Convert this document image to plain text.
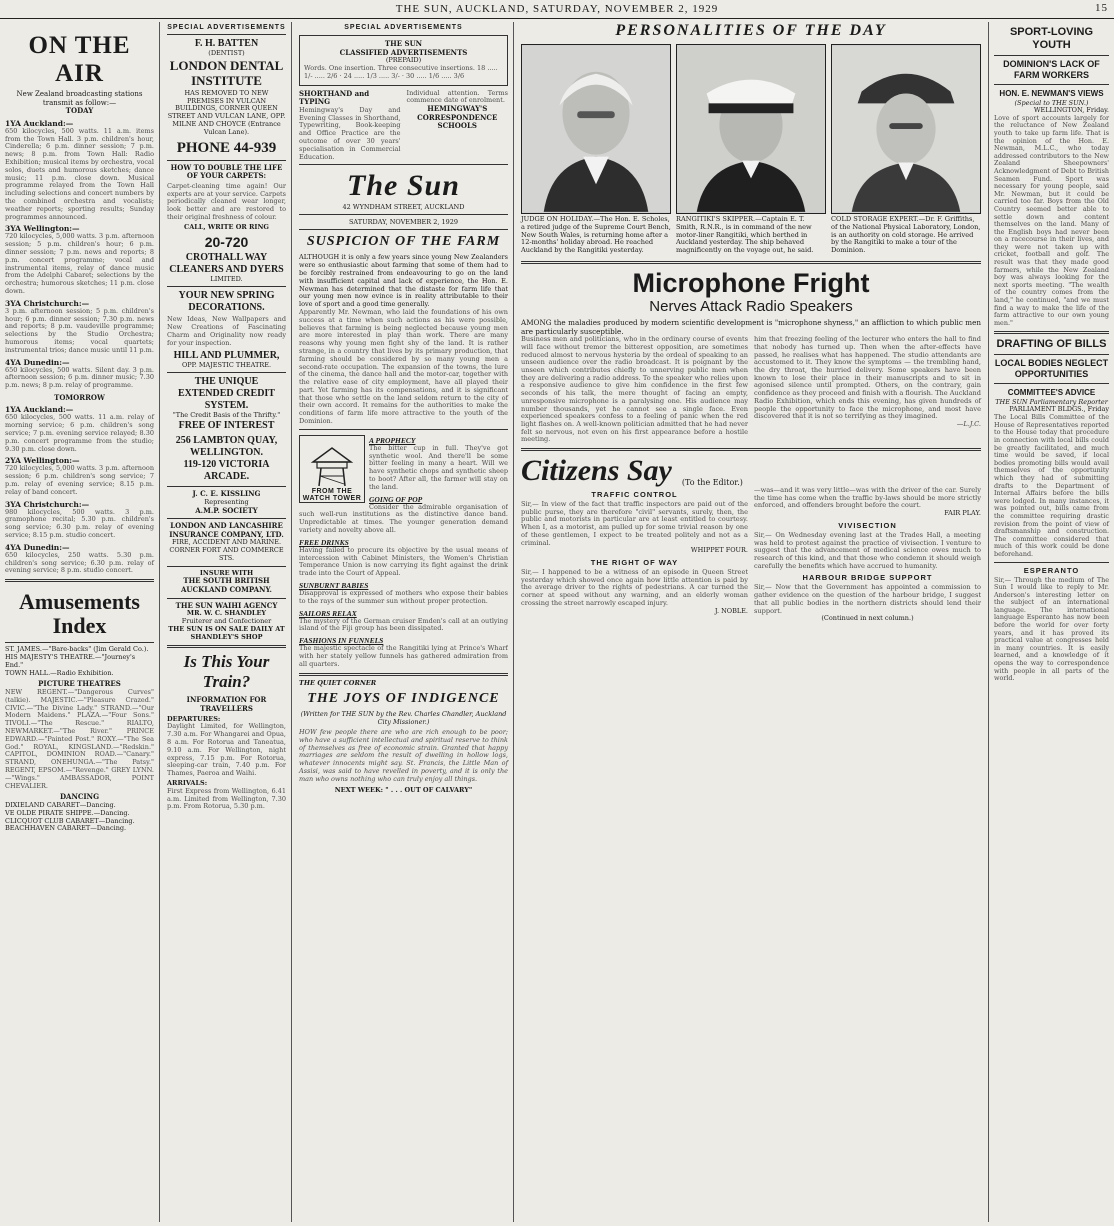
THE SUN, AUCKLAND, SATURDAY, NOVEMBER 2, 1929	15
ON THE AIR
New Zealand broadcasting stations transmit as follow:—
TODAY
1YA Auckland:—
650 kilocycles, 500 watts. 11 a.m. items from the Town Hall. 3 p.m. children's hour, Cinderella; 6 p.m. dinner session; 7 p.m. news; 8 p.m. from Town Hall: Radio Exhibition; musical items by orchestra, vocal solos, duets and humorous sketches; dance music; 11 p.m. close down. Musical programme relayed from the Town Hall including selections and concert numbers by the combined orchestra and vocalists; weather reports; sporting results; Sunday programmes announced.
3YA Wellington:—
720 kilocycles, 5,000 watts. 3 p.m. afternoon session; 5 p.m. children's hour; 6 p.m. dinner session; 7 p.m. news and reports; 8 p.m. concert programme; vocal and instrumental items, relay of dance music from the Adelphi Cabaret; selections by the orchestra; humorous sketches; 11 p.m. close down.
3YA Christchurch:—
3 p.m. afternoon session; 5 p.m. children's hour; 6 p.m. dinner session; 7.30 p.m. news and reports; 8 p.m. vaudeville programme; selections by the Studio Orchestra; humorous items; vocal quartets; instrumental trios; dance music until 11 p.m.
4YA Dunedin:—
650 kilocycles, 500 watts. Silent day. 3 p.m. afternoon session; 6 p.m. dinner music; 7.30 p.m. news; 8 p.m. relay of programme.
TOMORROW
1YA Auckland:—
650 kilocycles, 500 watts. 11 a.m. relay of morning service; 6 p.m. children's song service; 7 p.m. evening service relayed; 8.30 p.m. concert programme from the studio; 9.30 p.m. close down.
2YA Wellington:—
720 kilocycles, 5,000 watts. 3 p.m. afternoon session; 6 p.m. children's song service; 7 p.m. relay of evening service; 8.15 p.m. relay of band concert.
3YA Christchurch:—
980 kilocycles, 500 watts. 3 p.m. gramophone recital; 5.30 p.m. children's song service; 6.30 p.m. relay of evening service; 8.15 p.m. studio concert.
4YA Dunedin:—
650 kilocycles, 250 watts. 5.30 p.m. children's song service; 6.30 p.m. relay of evening service; 8 p.m. studio concert.
Amusements Index
ST. JAMES.—"Bare-backs" (Jim Gerald Co.).
HIS MAJESTY'S THEATRE.—"Journey's End."
TOWN HALL.—Radio Exhibition.
PICTURE THEATRES
NEW REGENT.—"Dangerous Curves" (talkie). MAJESTIC.—"Pleasure Crazed." CIVIC.—"The Divine Lady." STRAND.—"Our Modern Maidens." PLAZA.—"Four Sons." TIVOLI.—"The Rescue." RIALTO, NEWMARKET.—"The River." PRINCE EDWARD.—"Painted Post." ROXY.—"The Sea God." ROYAL, KINGSLAND.—"Redskin." CAPITOL, DOMINION ROAD.—"Canary." STRAND, ONEHUNGA.—"The Patsy." REGENT, EPSOM.—"Revenge." GREY LYNN.—"Wings." AMBASSADOR, POINT CHEVALIER.
DANCING
DIXIELAND CABARET—Dancing.
VE OLDE PIRATE SHIPPE.—Dancing.
CLICQUOT CLUB CABARET—Dancing.
BEACHHAVEN CABARET—Dancing.
SPECIAL ADVERTISEMENTS
F. H. BATTEN
(DENTIST)
LONDON DENTAL INSTITUTE
HAS REMOVED TO NEW PREMISES IN VULCAN BUILDINGS, CORNER QUEEN STREET AND VULCAN LANE, OPP. MILNE AND CHOYCE (Entrance Vulcan Lane).
PHONE 44-939
HOW TO DOUBLE THE LIFE OF YOUR CARPETS:
Carpet-cleaning time again! Our experts are at your service. Carpets periodically cleaned wear longer, look better and are restored to their original freshness of colour.
CALL, WRITE OR RING
20-720
CROTHALL WAY CLEANERS AND DYERS
LIMITED.
YOUR NEW SPRING DECORATIONS.
New Ideas, New Wallpapers and New Creations of Fascinating Charm and Originality now ready for your inspection.
HILL AND PLUMMER,
OPP. MAJESTIC THEATRE.
THE UNIQUE EXTENDED CREDIT SYSTEM.
"The Credit Basis of the Thrifty."
FREE OF INTEREST
256 LAMBTON QUAY, WELLINGTON.
119-120 VICTORIA ARCADE.
J. C. E. KISSLING
Representing
A.M.P. SOCIETY
LONDON AND LANCASHIRE INSURANCE COMPANY, LTD.
FIRE, ACCIDENT AND MARINE.
CORNER FORT AND COMMERCE STS.
INSURE WITH
THE SOUTH BRITISH
AUCKLAND COMPANY.
THE SUN WAIHI AGENCY
MR. W. C. SHANDLEY
Fruiterer and Confectioner
THE SUN IS ON SALE DAILY AT SHANDLEY'S SHOP
Is This Your Train?
INFORMATION FOR TRAVELLERS
DEPARTURES:
Daylight Limited, for Wellington, 7.30 a.m. For Whangarei and Opua, 8 a.m. For Rotorua and Taneatua, 9.10 a.m. For Wellington, night express, 7.15 p.m. For Rotorua, sleeping-car train, 7.40 p.m. For Thames, Paeroa and Waihi.
ARRIVALS:
First Express from Wellington, 6.41 a.m. Limited from Wellington, 7.30 p.m. From Rotorua, 5.30 p.m.
SPECIAL ADVERTISEMENTS
THE SUN
CLASSIFIED ADVERTISEMENTS
(PREPAID)
Words. One insertion. Three consecutive insertions. 18 ..... 1/- ..... 2/6 · 24 ..... 1/3 ..... 3/- · 30 ..... 1/6 ..... 3/6
SHORTHAND and TYPING
Hemingway's Day and Evening Classes in Shorthand, Typewriting, Book-keeping and Office Practice are the outcome of over 30 years' specialisation in Commercial Education.
Individual attention. Terms commence date of enrolment.
HEMINGWAY'S CORRESPONDENCE SCHOOLS
The Sun
42 WYNDHAM STREET, AUCKLAND
SATURDAY, NOVEMBER 2, 1929
SUSPICION OF THE FARM
ALTHOUGH it is only a few years since young New Zealanders were so enthusiastic about farming that some of them had to be forcibly restrained from endeavouring to go on the land with insufficient capital and lack of experience, the Hon. E. Newman has determined that the distaste for farm life that our young men now evince is in reality attributable to their love of sport and a good time generally.
Apparently Mr. Newman, who laid the foundations of his own success at a time when such actions as his were possible, believes that farming is being neglected because young men are more interested in play than work. There are many reasons why young men fight shy of the land. It is rather strange, in a country that lives by its primary production, that farming should be considered by so many young men a second-rate occupation. The expansion of the towns, the lure of the cinema, the dance hall and the motor-car, together with the relative ease of city employment, have all played their part. Yet farming has its compensations, and it is significant that those who settle on the land seldom return to the city of their own accord. It remains for the authorities to make the conditions of farm life more attractive to the youth of the Dominion.
FROM THE WATCH TOWER
A PROPHECY
The bitter cup in full. They've got synthetic wool. And there'll be some bitter feeling in many a heart. Will we have synthetic chops and synthetic sheep to boot? After all, the farmer will stay on the land.
GOING OF POP
Consider the admirable organisation of such well-run institutions as the distinctive dance band. Unpredictable at times. The younger generation demand variety and novelty above all.
FREE DRINKS
Having failed to procure its objective by the usual means of intercession with Cabinet Ministers, the Women's Christian Temperance Union is now carrying its fight against the drink trade into the Court of Appeal.
SUNBURNT BABIES
Disapproval is expressed of mothers who expose their babies to the rays of the summer sun without proper protection.
SAILORS RELAX
The mystery of the German cruiser Emden's call at an outlying island of the Fiji group has been dissipated.
FASHIONS IN FUNNELS
The majestic spectacle of the Rangitiki lying at Prince's Wharf with her stately yellow funnels has gathered admiration from all quarters.
THE QUIET CORNER
THE JOYS OF INDIGENCE
(Written for THE SUN by the Rev. Charles Chandler, Auckland City Missioner.)
HOW few people there are who are rich enough to be poor; who have a sufficient intellectual and spiritual reserve to think of themselves as free of economic strain. Granted that happy marriages are seldom the result of dwelling in hollow logs, whatever innocents might say. St. Francis, the Little Man of Assisi, was said to have revelled in poverty, and it is only the man who owns nothing who can truly enjoy all things.
NEXT WEEK: " . . . OUT OF CALVARY"
PERSONALITIES OF THE DAY
JUDGE ON HOLIDAY.—The Hon. E. Scholes, a retired judge of the Supreme Court Bench, New South Wales, is returning home after a 12-months' holiday abroad. He reached Auckland by the Rangitiki yesterday.
RANGITIKI'S SKIPPER.—Captain E. T. Smith, R.N.R., is in command of the new motor-liner Rangitiki, which berthed in Auckland yesterday. The ship behaved magnificently on the voyage out, he said.
COLD STORAGE EXPERT.—Dr. F. Griffiths, of the National Physical Laboratory, London, is an authority on cold storage. He arrived by the Rangitiki to make a tour of the Dominion.
Microphone Fright
Nerves Attack Radio Speakers
AMONG the maladies produced by modern scientific development is "microphone shyness," an affliction to which public men are particularly susceptible.
Business men and politicians, who in the ordinary course of events will face without tremor the bitterest opposition, are sometimes reduced almost to nervous hysteria by the ordeal of speaking to an unseen audience over the radio broadcast. It is poignant by the unseen which contributes chiefly to unnerving public men when they are delivering a radio address. To the speaker who relies upon a responsive audience to give him confidence in the first few seconds of his talk, the mere thought of facing an empty, unresponsive microphone is a paralysing one. His audience may number thousands, yet he cannot see a single face. Even experienced speakers confess to a feeling of panic when the red light flashes on. A well-known politician admitted that he had never felt so nervous, not even on his first appearance before a hostile meeting.
him that freezing feeling of the lecturer who enters the hall to find that nobody has turned up. Then when the after-effects have passed, he realises what has happened. The studio attendants are accustomed to it. They know the symptoms — the trembling hand, the dry throat, the hurried delivery. Some speakers have been known to lose their place in their manuscripts and to sit in agonised silence until prompted. Others, on the contrary, gain confidence as they proceed and finish with a flourish. The Auckland Radio Exhibition, which ends this evening, has given hundreds of people the opportunity to face the microphone, and most have discovered that it is not so terrifying as they imagined.
—L.J.C.
Citizens Say (To the Editor.)
TRAFFIC CONTROL
Sir,— In view of the fact that traffic inspectors are paid out of the public purse, they are therefore "civil" servants, surely, then, the public and motorists in particular are at least entitled to courtesy. When I, as a motorist, am pulled up for some trivial reason by one of these gentlemen, I expect to be treated politely and not as a criminal.
WHIPPET FOUR.
THE RIGHT OF WAY
Sir,— I happened to be a witness of an episode in Queen Street yesterday which showed once again how little attention is paid by the average driver to the rights of pedestrians. A car turned the corner at speed without any warning, and an elderly woman crossing the street narrowly escaped injury.
J. NOBLE.
—was—and it was very little—was with the driver of the car. Surely the time has come when the traffic by-laws should be more strictly enforced, and offenders brought before the court.
FAIR PLAY.
VIVISECTION
Sir,— On Wednesday evening last at the Trades Hall, a meeting was held to protest against the practice of vivisection. I venture to suggest that the advancement of medical science owes much to research of this kind, and that those who condemn it should weigh carefully the benefits which have accrued to humanity.
HARBOUR BRIDGE SUPPORT
Sir,— Now that the Government has appointed a commission to gather evidence on the question of the harbour bridge, I suggest that all public bodies in the northern districts should lend their support.
(Continued in next column.)
SPORT-LOVING YOUTH
DOMINION'S LACK OF FARM WORKERS
HON. E. NEWMAN'S VIEWS
(Special to THE SUN.)
WELLINGTON, Friday.
Love of sport accounts largely for the reluctance of New Zealand youth to take up farm life. That is the opinion of the Hon. E. Newman, M.L.C., who today addressed contributors to the New Zealand Sheepowners' Acknowledgment of Debt to British Seamen Fund. Sport was necessary for young people, said Mr. Newman, but it could be carried too far. Boys from the Old Country seemed better able to settle down and content themselves on the land. Many of the English boys had never been on a racecourse in their lives, and they were not taken up with cricket, football and golf. The result was that they made good farmers, while the New Zealand boy was always looking for the next sports meeting. "The wealth of the country comes from the land," he continued, "and we must find a way to make the life of the farm attractive to our own young men."
DRAFTING OF BILLS
LOCAL BODIES NEGLECT OPPORTUNITIES
COMMITTEE'S ADVICE
THE SUN Parliamentary Reporter
PARLIAMENT BLDGS., Friday
The Local Bills Committee of the House of Representatives reported to the House today that procedure in connection with local bills could be greatly facilitated, and much time would be saved, if local bodies promoting bills would avail themselves of the opportunity which they had of submitting drafts to the Department of Internal Affairs before the bills were lodged. In many instances, it was pointed out, bills came from the committee requiring drastic revision from the point of view of draftsmanship and construction. The committee considered that much of this work could be done beforehand.
ESPERANTO
Sir,— Through the medium of The Sun I would like to reply to Mr. Anderson's interesting letter on the subject of an international language. The international language Esperanto has now been before the world for over forty years, and it has proved its practical value at congresses held in many countries. It is easily learned, and a knowledge of it opens the way to correspondence with people in all parts of the world.
